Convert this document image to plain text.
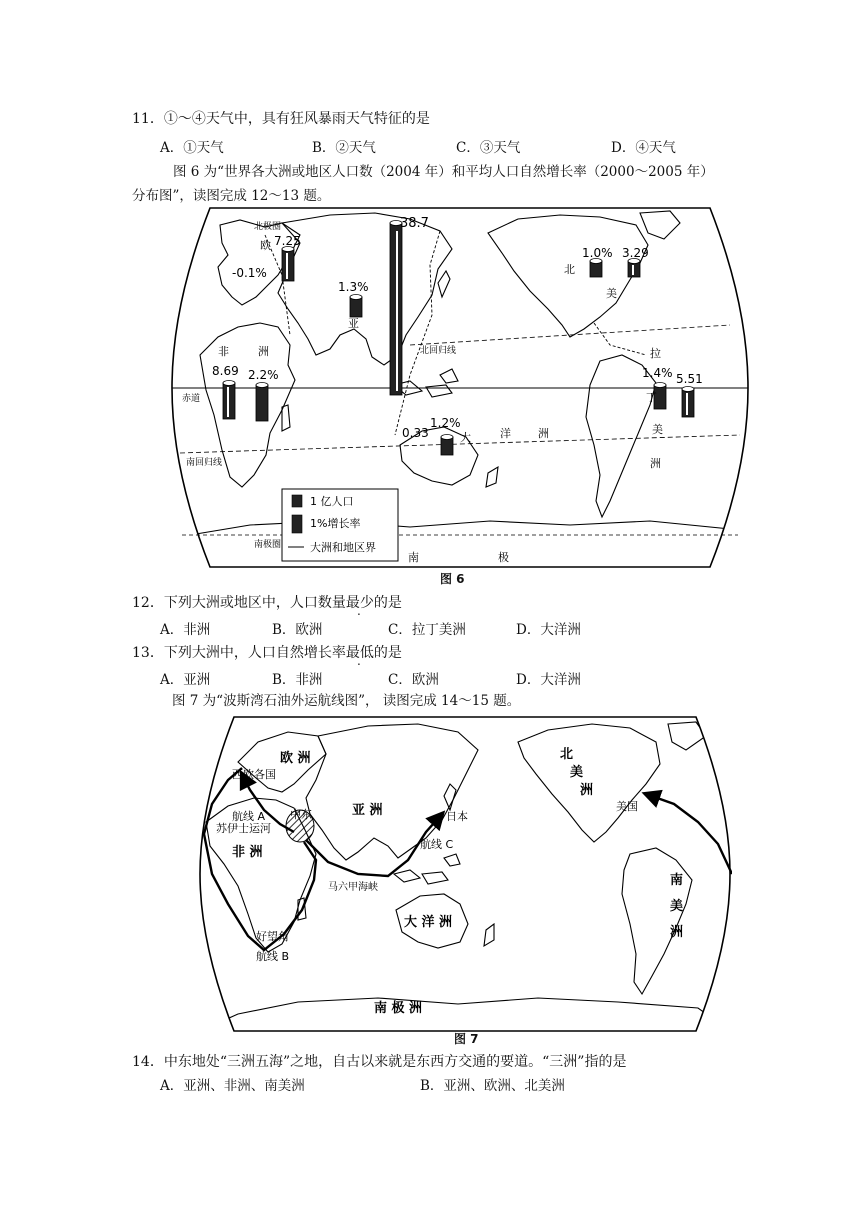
11．①～④天气中，具有狂风暴雨天气特征的是
A．①天气	B．②天气	C．③天气	D．④天气
图 6 为“世界各大洲或地区人口数（2004 年）和平均人口自然增长率（2000～2005 年）
分布图”，读图完成 12～13 题。
北极圈
欧
亚
非	洲
大	洋 洲
北
美
拉
丁
美
洲
南	极
北回归线
南回归线
赤道
南极圈
7.25
-0.1%
38.7
1.3%
8.69 2.2%
0.33
1.2%
1.0% 3.29
1.4% 5.51
1 亿人口
1%增长率
大洲和地区界
图 6
12．下列大洲或地区中，人口数量最少的是
A．非洲	B．欧洲	C．拉丁美洲	D．大洋洲
13．下列大洲中，人口自然增长率最低的是
A．亚洲	B．非洲	C．欧洲	D．大洋洲
图 7 为“波斯湾石油外运航线图”， 读图完成 14～15 题。
欧 洲
西欧各国
航线 A
苏伊士运河
中东	亚 洲	日本
航线 C
非 洲
马六甲海峡
大 洋 洲
好望角
航线 B
南 极 洲
北
美
洲
美国
南
美
洲
图 7
14．中东地处“三洲五海”之地，自古以来就是东西方交通的要道。“三洲”指的是
A．亚洲、非洲、南美洲	B．亚洲、欧洲、北美洲
